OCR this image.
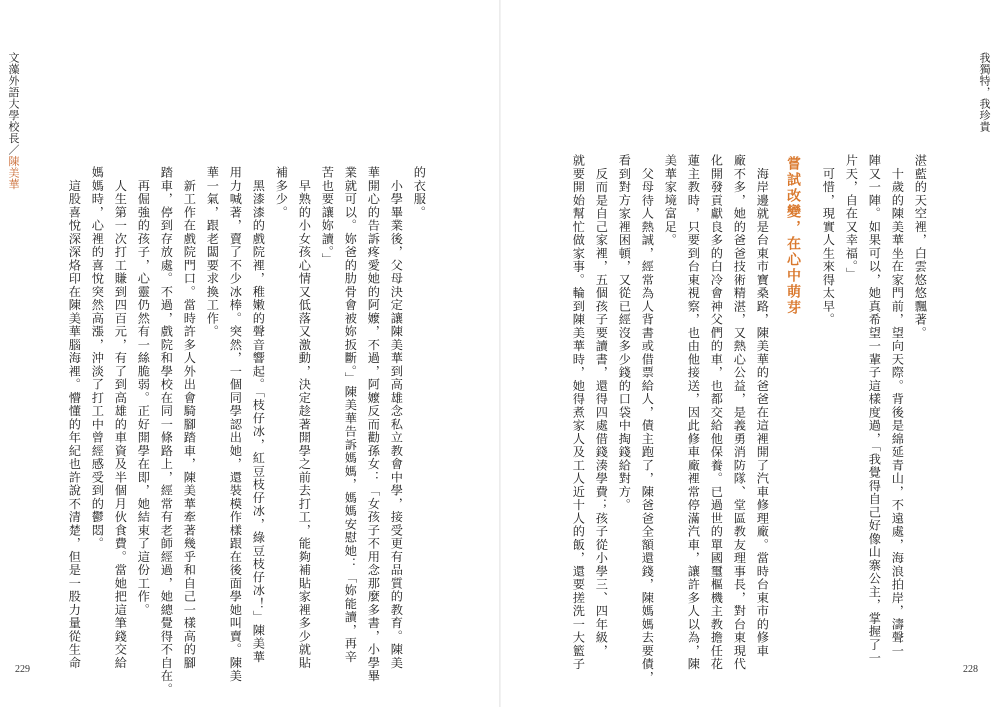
文藻外語大學校長／陳美華	的衣服。
　小學畢業後，父母決定讓陳美華到高雄念私立教會中學，接受更有品質的教育。陳美
華開心的告訴疼愛她的阿嬤，不過，阿嬤反而勸孫女：「女孩子不用念那麼多書，小學畢
業就可以。妳爸的肋骨會被妳扳斷。」陳美華告訴媽媽，媽媽安慰她：「妳能讀，再辛
苦也要讓妳讀。」
　早熟的小女孩心情又低落又激動，決定趁著開學之前去打工，能夠補貼家裡多少就貼
補多少。
　黑漆漆的戲院裡，稚嫩的聲音響起。「枝仔冰，紅豆枝仔冰，綠豆枝仔冰！」陳美華
用力喊著，賣了不少冰棒。突然，一個同學認出她，還裝模作樣跟在後面學她叫賣。陳美
華一氣，跟老闆要求換工作。
　新工作在戲院門口。當時許多人外出會騎腳踏車，陳美華牽著幾乎和自己一樣高的腳
踏車，停到存放處。不過，戲院和學校在同一條路上，經常有老師經過，她總覺得不自在。
　再倔強的孩子，心靈仍然有一絲脆弱。正好開學在即，她結束了這份工作。
　人生第一次打工賺到四百元，有了到高雄的車資及半個月伙食費。當她把這筆錢交給
媽媽時，心裡的喜悅突然高漲，沖淡了打工中曾經感受到的鬱悶。
　這股喜悅深深烙印在陳美華腦海裡。懵懂的年紀也許說不清楚，但是一股力量從生命
229
我獨特，我珍貴
湛藍的天空裡，白雲悠悠飄著。
　十歲的陳美華坐在家門前，望向天際。背後是綿延青山，不遠處，海浪拍岸，濤聲一
陣又一陣。如果可以，她真希望一輩子這樣度過，「我覺得自己好像山寨公主，掌握了一
片天，自在又幸福。」
　可惜，現實人生來得太早。
嘗試改變，在心中萌芽
　海岸邊就是台東市寶桑路，陳美華的爸爸在這裡開了汽車修理廠。當時台東市的修車
廠不多，她的爸爸技術精湛，又熱心公益，是義勇消防隊、堂區教友理事長，對台東現代
化開發貢獻良多的白冷會神父們的車，也都交給他保養。已過世的單國璽樞機主教擔任花
蓮主教時，只要到台東視察，也由他接送，因此修車廠裡常停滿汽車，讓許多人以為，陳
美華家境富足。
　父母待人熱誠，經常為人背書或借票給人，債主跑了，陳爸爸全額還錢，陳媽媽去要債，
看到對方家裡困頓，又從已經沒多少錢的口袋中掏錢給對方。
　反而是自己家裡，五個孩子要讀書，還得四處借錢湊學費；孩子從小學三、四年級，
就要開始幫忙做家事。輪到陳美華時，她得煮家人及工人近十人的飯，還要搓洗一大籃子	228
